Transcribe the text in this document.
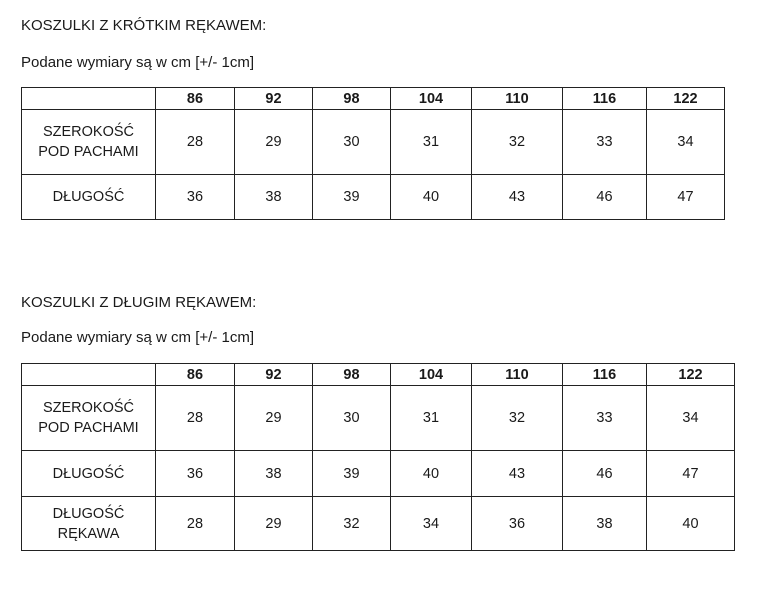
KOSZULKI Z KRÓTKIM RĘKAWEM:
Podane wymiary są w cm [+/- 1cm]
	86	92	98	104	110	116	122

SZEROKOŚĆ
POD PACHAMI	28	29	30	31	32	33	34

DŁUGOŚĆ	36	38	39	40	43	46	47
KOSZULKI Z DŁUGIM RĘKAWEM:
Podane wymiary są w cm [+/- 1cm]
	86	92	98	104	110	116	122

SZEROKOŚĆ
POD PACHAMI	28	29	30	31	32	33	34

DŁUGOŚĆ	36	38	39	40	43	46	47

DŁUGOŚĆ
RĘKAWA	28	29	32	34	36	38	40
